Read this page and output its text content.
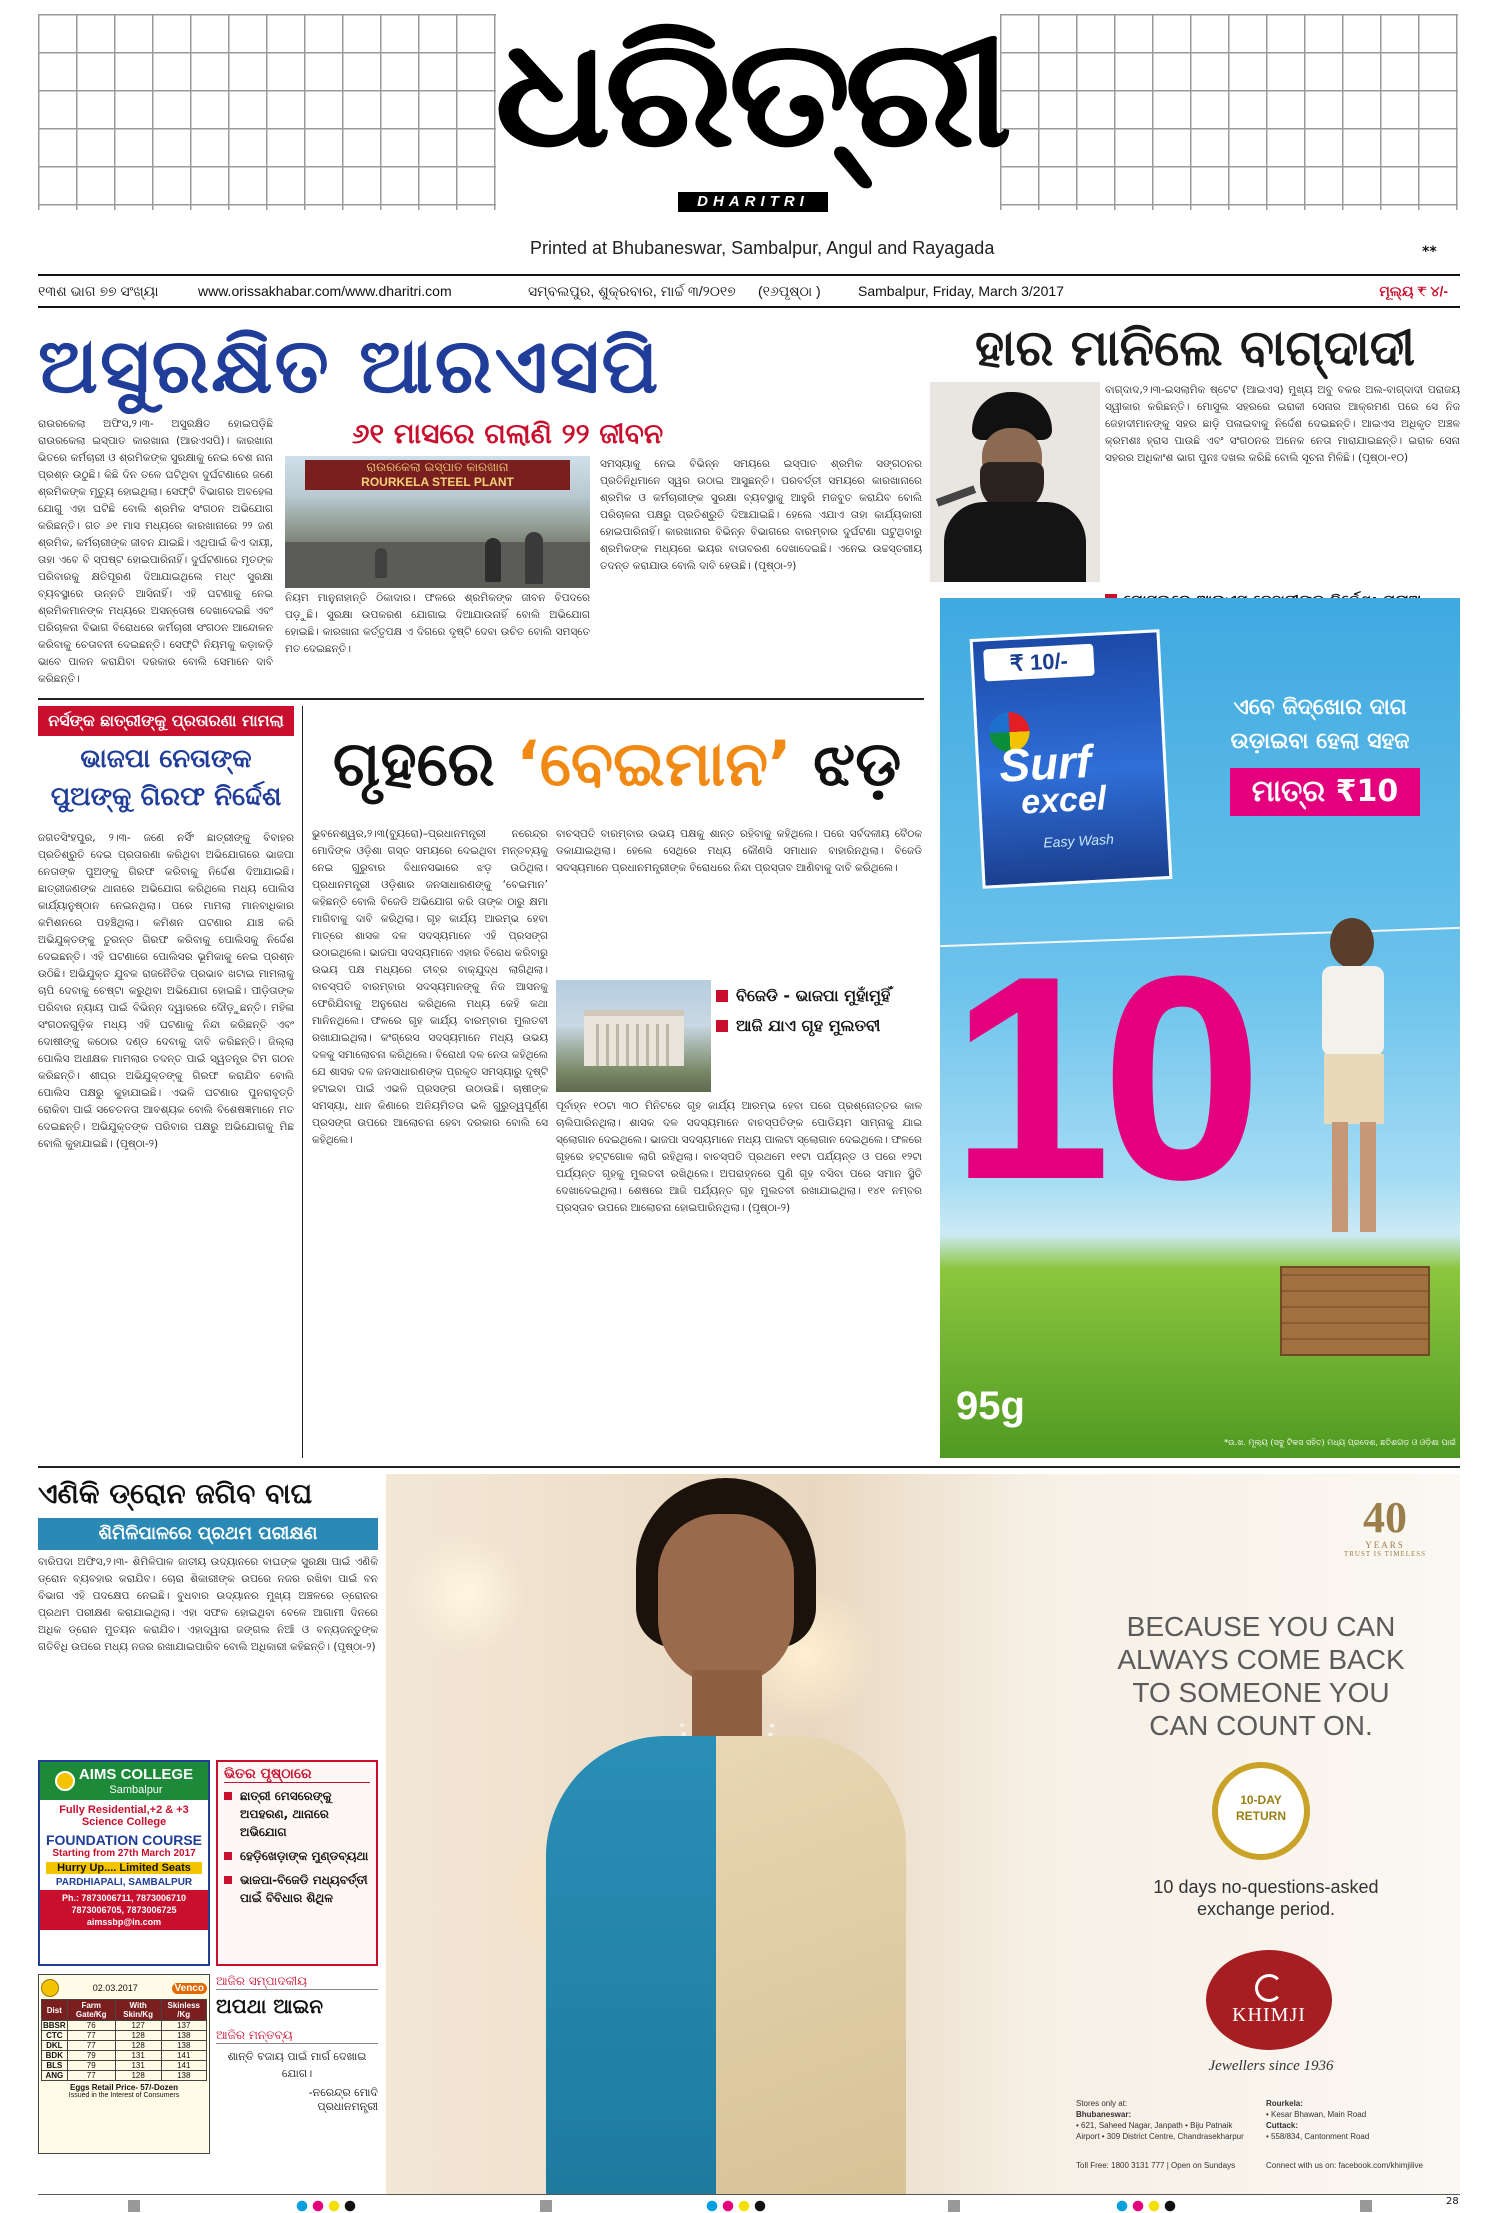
ଧରିତ୍ରୀ
DHARITRI
Printed at Bhubaneswar, Sambalpur, Angul and Rayagada	**
୧୩ଶ ଭାଗ ୭୭ ସଂଖ୍ୟା	www.orissakhabar.com/www.dharitri.com	ସମ୍ବଲପୁର, ଶୁକ୍ରବାର, ମାର୍ଚ୍ଚ ୩/୨୦୧୭	(୧୬ପୃଷ୍ଠା )	Sambalpur, Friday, March 3/2017	ମୂଲ୍ୟ ₹ ୪/-
ଅସୁରକ୍ଷିତ ଆରଏସପି
ରାଉରକେଲା ଅଫିସ,୨।୩- ଅସୁରକ୍ଷିତ ହୋଇପଡ଼ିଛି ରାଉରକେଲା ଇସ୍ପାତ କାରଖାନା (ଆରଏସପି)। କାରଖାନା ଭିତରେ କର୍ମଚାରୀ ଓ ଶ୍ରମିକଙ୍କ ସୁରକ୍ଷାକୁ ନେଇ ବେଶ ନାନା ପ୍ରଶ୍ନ ଉଠୁଛି। କିଛି ଦିନ ତଳେ ଘଟିଥିବା ଦୁର୍ଘଟଣାରେ ଜଣେ ଶ୍ରମିକଙ୍କ ମୃତ୍ୟୁ ହୋଇଥିଲା। ସେଫ୍‌ଟି ବିଭାଗର ଅବହେଳା ଯୋଗୁ ଏହା ଘଟିଛି ବୋଲି ଶ୍ରମିକ ସଂଗଠନ ଅଭିଯୋଗ କରିଛନ୍ତି। ଗତ ୬୧ ମାସ ମଧ୍ୟରେ କାରଖାନାରେ ୨୨ ଜଣ ଶ୍ରମିକ, କର୍ମଚାରୀଙ୍କ ଜୀବନ ଯାଇଛି। ଏଥିପାଇଁ କିଏ ଦାୟୀ, ତାହା ଏବେ ବି ସ୍ପଷ୍ଟ ହୋଇପାରିନାହିଁ। ଦୁର୍ଘଟଣାରେ ମୃତଙ୍କ ପରିବାରକୁ କ୍ଷତିପୂରଣ ଦିଆଯାଇଥିଲେ ମଧ୍୯ ସୁରକ୍ଷା ବ୍ୟବସ୍ଥାରେ ଉନ୍ନତି ଆସିନାହିଁ। ଏହି ଘଟଣାକୁ ନେଇ ଶ୍ରମିକମାନଙ୍କ ମଧ୍ୟରେ ଅସନ୍ତୋଷ ଦେଖାଦେଇଛି ଏବଂ ପରିଚାଳନା ବିଭାଗ ବିରୋଧରେ କର୍ମଚାରୀ ସଂଗଠନ ଆନ୍ଦୋଳନ କରିବାକୁ ଚେତାବନୀ ଦେଇଛନ୍ତି। ସେଫ୍‌ଟି ନିୟମକୁ କଡ଼ାକଡ଼ି ଭାବେ ପାଳନ କରାଯିବା ଦରକାର ବୋଲି ସେମାନେ ଦାବି କରିଛନ୍ତି।
୬୧ ମାସରେ ଗଲାଣି ୨୨ ଜୀବନ
ରାଉରକେଲା ଇସ୍ପାତ କାରଖାନା
ROURKELA STEEL PLANT
ନିୟମ ମାନୁନାହାନ୍ତି ଠିକାଦାର। ଫଳରେ ଶ୍ରମିକଙ୍କ ଜୀବନ ବିପଦରେ ପଡ଼ୁଛି। ସୁରକ୍ଷା ଉପକରଣ ଯୋଗାଇ ଦିଆଯାଉନାହିଁ ବୋଲି ଅଭିଯୋଗ ହୋଇଛି। କାରଖାନା କର୍ତ୍ତୃପକ୍ଷ ଏ ଦିଗରେ ଦୃଷ୍ଟି ଦେବା ଉଚିତ ବୋଲି ସମସ୍ତେ ମତ ଦେଇଛନ୍ତି।
ସମସ୍ୟାକୁ ନେଇ ବିଭିନ୍ନ ସମୟରେ ଇସ୍ପାତ ଶ୍ରମିକ ସଙ୍ଗଠନର ପ୍ରତିନିଧିମାନେ ସ୍ୱର ଉଠାଇ ଆସୁଛନ୍ତି। ପରବର୍ତ୍ତୀ ସମୟରେ କାରଖାନାରେ ଶ୍ରମିକ ଓ କର୍ମଚାରୀଙ୍କ ସୁରକ୍ଷା ବ୍ୟବସ୍ଥାକୁ ଆହୁରି ମଜବୁତ କରାଯିବ ବୋଲି ପରିଚାଳନା ପକ୍ଷରୁ ପ୍ରତିଶ୍ରୁତି ଦିଆଯାଇଛି। ହେଲେ ଏଯାଏ ତାହା କାର୍ଯ୍ୟକାରୀ ହୋଇପାରିନାହିଁ। କାରଖାନାର ବିଭିନ୍ନ ବିଭାଗରେ ବାରମ୍ବାର ଦୁର୍ଘଟଣା ଘଟୁଥିବାରୁ ଶ୍ରମିକଙ୍କ ମଧ୍ୟରେ ଭୟର ବାତାବରଣ ଦେଖାଦେଇଛି। ଏନେଇ ଉଚ୍ଚସ୍ତରୀୟ ତଦନ୍ତ କରାଯାଉ ବୋଲି ଦାବି ହେଉଛି। (ପୃଷ୍ଠା-୨)
ହାର ମାନିଲେ ବାଗ୍‌ଦାଦୀ
ବାଗ୍‌ଦାଦ,୨।୩-ଇସଲାମିକ ଷ୍ଟେଟ (ଆଇଏସ) ମୁଖ୍ୟ ଅବୁ ବକର ଅଲ-ବାଗ୍‌ଦାଦୀ ପରାଜୟ ସ୍ୱୀକାର କରିଛନ୍ତି। ମୋସୁଲ ସହରରେ ଇରାକୀ ସେନାର ଆକ୍ରମଣ ପରେ ସେ ନିଜ ଜେହାଦୀମାନଙ୍କୁ ସହର ଛାଡ଼ି ପଳାଇବାକୁ ନିର୍ଦ୍ଦେଶ ଦେଇଛନ୍ତି। ଆଇଏସ ଅଧିକୃତ ଅଞ୍ଚଳ କ୍ରମଶଃ ହ୍ରାସ ପାଉଛି ଏବଂ ସଂଗଠନର ଅନେକ ନେତା ମାରାଯାଇଛନ୍ତି। ଇରାକ ସେନା ସହରର ଅଧିକାଂଶ ଭାଗ ପୁନଃ ଦଖଲ କରିଛି ବୋଲି ସୂଚନା ମିଳିଛି। (ପୃଷ୍ଠା-୧୦)
ନର୍ସଙ୍କ ଛାତ୍ରୀଙ୍କୁ ପ୍ରତାରଣା ମାମଲା
ଭାଜପା ନେତାଙ୍କ ପୁଅଙ୍କୁ ଗିରଫ ନିର୍ଦ୍ଦେଶ
ଜଗତସିଂହପୁର, ୨।୩- ଜଣେ ନର୍ସିଂ ଛାତ୍ରୀଙ୍କୁ ବିବାହର ପ୍ରତିଶ୍ରୁତି ଦେଇ ପ୍ରତାରଣା କରିଥିବା ଅଭିଯୋଗରେ ଭାଜପା ନେତାଙ୍କ ପୁଅଙ୍କୁ ଗିରଫ କରିବାକୁ ନିର୍ଦ୍ଦେଶ ଦିଆଯାଇଛି। ଛାତ୍ରୀଜଣଙ୍କ ଥାନାରେ ଅଭିଯୋଗ କରିଥିଲେ ମଧ୍ୟ ପୋଲିସ କାର୍ଯ୍ୟାନୁଷ୍ଠାନ ନେଇନଥିଲା। ପରେ ମାମଲା ମାନବାଧିକାର କମିଶନରେ ପହଞ୍ଚିଥିଲା। କମିଶନ ଘଟଣାର ଯାଞ୍ଚ କରି ଅଭିଯୁକ୍ତଙ୍କୁ ତୁରନ୍ତ ଗିରଫ କରିବାକୁ ପୋଲିସକୁ ନିର୍ଦ୍ଦେଶ ଦେଇଛନ୍ତି। ଏହି ଘଟଣାରେ ପୋଲିସର ଭୂମିକାକୁ ନେଇ ପ୍ରଶ୍ନ ଉଠିଛି। ଅଭିଯୁକ୍ତ ଯୁବକ ରାଜନୈତିକ ପ୍ରଭାବ ଖଟାଇ ମାମଲାକୁ ଚାପି ଦେବାକୁ ଚେଷ୍ଟା କରୁଥିବା ଅଭିଯୋଗ ହୋଇଛି। ପୀଡ଼ିତାଙ୍କ ପରିବାର ନ୍ୟାୟ ପାଇଁ ବିଭିନ୍ନ ଦ୍ୱାରରେ ଦୌଡ଼ୁଛନ୍ତି। ମହିଳା ସଂଗଠନଗୁଡ଼ିକ ମଧ୍ୟ ଏହି ଘଟଣାକୁ ନିନ୍ଦା କରିଛନ୍ତି ଏବଂ ଦୋଷୀଙ୍କୁ କଠୋର ଦଣ୍ଡ ଦେବାକୁ ଦାବି କରିଛନ୍ତି। ଜିଲ୍ଲା ପୋଲିସ ଅଧୀକ୍ଷକ ମାମଲାର ତଦନ୍ତ ପାଇଁ ସ୍ୱତନ୍ତ୍ର ଟିମ ଗଠନ କରିଛନ୍ତି। ଶୀଘ୍ର ଅଭିଯୁକ୍ତଙ୍କୁ ଗିରଫ କରାଯିବ ବୋଲି ପୋଲିସ ପକ୍ଷରୁ କୁହାଯାଇଛି। ଏଭଳି ଘଟଣାର ପୁନରାବୃତ୍ତି ରୋକିବା ପାଇଁ ସଚେତନତା ଆବଶ୍ୟକ ବୋଲି ବିଶେଷଜ୍ଞମାନେ ମତ ଦେଇଛନ୍ତି। ଅଭିଯୁକ୍ତଙ୍କ ପରିବାର ପକ୍ଷରୁ ଅଭିଯୋଗକୁ ମିଛ ବୋଲି କୁହାଯାଇଛି। (ପୃଷ୍ଠା-୨)
ଗୃହରେ ‘ବେଇମାନ’ ଝଡ଼
ଭୁବନେଶ୍ୱର,୨।୩(ବ୍ୟୁରୋ)–ପ୍ରଧାନମନ୍ତ୍ରୀ ନରେନ୍ଦ୍ର ମୋଦିଙ୍କ ଓଡ଼ିଶା ଗସ୍ତ ସମୟରେ ଦେଇଥିବା ମନ୍ତବ୍ୟକୁ ନେଇ ଗୁରୁବାର ବିଧାନସଭାରେ ଝଡ଼ ଉଠିଥିଲା। ପ୍ରଧାନମନ୍ତ୍ରୀ ଓଡ଼ିଶାର ଜନସାଧାରଣଙ୍କୁ ‘ବେଇମାନ’ କହିଛନ୍ତି ବୋଲି ବିଜେଡି ଅଭିଯୋଗ କରି ତାଙ୍କ ଠାରୁ କ୍ଷମା ମାଗିବାକୁ ଦାବି କରିଥିଲା। ଗୃହ କାର୍ଯ୍ୟ ଆରମ୍ଭ ହେବା ମାତ୍ରେ ଶାସକ ଦଳ ସଦସ୍ୟମାନେ ଏହି ପ୍ରସଙ୍ଗ ଉଠାଇଥିଲେ। ଭାଜପା ସଦସ୍ୟମାନେ ଏହାର ବିରୋଧ କରିବାରୁ ଉଭୟ ପକ୍ଷ ମଧ୍ୟରେ ତୀବ୍ର ବାକ୍‌ଯୁଦ୍ଧ ଲାଗିଥିଲା। ବାଚସ୍ପତି ବାରମ୍ବାର ସଦସ୍ୟମାନଙ୍କୁ ନିଜ ଆସନକୁ ଫେରିଯିବାକୁ ଅନୁରୋଧ କରିଥିଲେ ମଧ୍ୟ କେହି କଥା ମାନିନଥିଲେ। ଫଳରେ ଗୃହ କାର୍ଯ୍ୟ ବାରମ୍ବାର ମୁଲତବୀ ରଖାଯାଇଥିଲା। କଂଗ୍ରେସ ସଦସ୍ୟମାନେ ମଧ୍ୟ ଉଭୟ ଦଳକୁ ସମାଲୋଚନା କରିଥିଲେ। ବିରୋଧୀ ଦଳ ନେତା କହିଥିଲେ ଯେ ଶାସକ ଦଳ ଜନସାଧାରଣଙ୍କ ପ୍ରକୃତ ସମସ୍ୟାରୁ ଦୃଷ୍ଟି ହଟାଇବା ପାଇଁ ଏଭଳି ପ୍ରସଙ୍ଗ ଉଠାଉଛି। ଚାଷୀଙ୍କ ସମସ୍ୟା, ଧାନ କିଣାରେ ଅନିୟମିତତା ଭଳି ଗୁରୁତ୍ୱପୂର୍ଣ୍ଣ ପ୍ରସଙ୍ଗ ଉପରେ ଆଲୋଚନା ହେବା ଦରକାର ବୋଲି ସେ କହିଥିଲେ।
ବାଚସ୍ପତି ବାରମ୍ବାର ଉଭୟ ପକ୍ଷକୁ ଶାନ୍ତ ରହିବାକୁ କହିଥିଲେ। ପରେ ସର୍ବଦଳୀୟ ବୈଠକ ଡକାଯାଇଥିଲା। ହେଲେ ସେଥିରେ ମଧ୍ୟ କୌଣସି ସମାଧାନ ବାହାରିନଥିଲା। ବିଜେଡି ସଦସ୍ୟମାନେ ପ୍ରଧାନମନ୍ତ୍ରୀଙ୍କ ବିରୋଧରେ ନିନ୍ଦା ପ୍ରସ୍ତାବ ଆଣିବାକୁ ଦାବି କରିଥିଲେ।
ବିଜେଡି - ଭାଜପା ମୁହାଁମୁହିଁ
ଆଜି ଯାଏ ଗୃହ ମୁଲତବୀ
ପୂର୍ବାହ୍ନ ୧୦ଟା ୩୦ ମିନିଟରେ ଗୃହ କାର୍ଯ୍ୟ ଆରମ୍ଭ ହେବା ପରେ ପ୍ରଶ୍ନୋତ୍ତର କାଳ ଚାଲିପାରିନଥିଲା। ଶାସକ ଦଳ ସଦସ୍ୟମାନେ ବାଚସ୍ପତିଙ୍କ ପୋଡିୟମ ସାମ୍ନାକୁ ଯାଇ ସ୍ଲୋଗାନ ଦେଇଥିଲେ। ଭାଜପା ସଦସ୍ୟମାନେ ମଧ୍ୟ ପାଲଟା ସ୍ଲୋଗାନ ଦେଇଥିଲେ। ଫଳରେ ଗୃହରେ ହଟ୍ଟଗୋଳ ଲାଗି ରହିଥିଲା। ବାଚସ୍ପତି ପ୍ରଥମେ ୧୧ଟା ପର୍ଯ୍ୟନ୍ତ ଓ ପରେ ୧୨ଟା ପର୍ଯ୍ୟନ୍ତ ଗୃହକୁ ମୁଲତବୀ ରଖିଥିଲେ। ଅପରାହ୍ନରେ ପୁଣି ଗୃହ ବସିବା ପରେ ସମାନ ସ୍ଥିତି ଦେଖାଦେଇଥିଲା। ଶେଷରେ ଆଜି ପର୍ଯ୍ୟନ୍ତ ଗୃହ ମୁଲତବୀ ରଖାଯାଇଥିଲା। ୧୪୧ ନମ୍ବର ପ୍ରସ୍ତାବ ଉପରେ ଆଲୋଚନା ହୋଇପାରିନଥିଲା। (ପୃଷ୍ଠା-୨)
₹ 10/-
Surf
excel
Easy Wash
ଏବେ ଜିଦ୍‌ଖୋର ଦାଗ
ଉଡ଼ାଇବା ହେଲା ସହଜ
ମାତ୍ର ₹10
10
95g
*ଉ.ଖ. ମୂଲ୍ୟ (ସବୁ ଟିକସ ସହିତ) ମଧ୍ୟ ପ୍ରଦେଶ, ଛତିଶଗଡ଼ ଓ ଓଡ଼ିଶା ପାଇଁ
ଏଣିକି ଡ୍ରୋନ ଜଗିବ ବାଘ
ଶିମିଳିପାଳରେ ପ୍ରଥମ ପରୀକ୍ଷଣ
ବାରିପଦା ଅଫିସ,୨।୩- ଶିମିଳିପାଳ ଜାତୀୟ ଉଦ୍ୟାନରେ ବାଘଙ୍କ ସୁରକ୍ଷା ପାଇଁ ଏଣିକି ଡ୍ରୋନ ବ୍ୟବହାର କରାଯିବ। ଚୋରା ଶିକାରୀଙ୍କ ଉପରେ ନଜର ରଖିବା ପାଇଁ ବନ ବିଭାଗ ଏହି ପଦକ୍ଷେପ ନେଇଛି। ବୁଧବାର ଉଦ୍ୟାନର ମୁଖ୍ୟ ଅଞ୍ଚଳରେ ଡ୍ରୋନର ପ୍ରଥମ ପରୀକ୍ଷଣ କରାଯାଇଥିଲା। ଏହା ସଫଳ ହୋଇଥିବା ବେଳେ ଆଗାମୀ ଦିନରେ ଅଧିକ ଡ୍ରୋନ ମୁତୟନ କରାଯିବ। ଏହାଦ୍ୱାରା ଜଙ୍ଗଲ ନିଆଁ ଓ ବନ୍ୟଜନ୍ତୁଙ୍କ ଗତିବିଧି ଉପରେ ମଧ୍ୟ ନଜର ରଖାଯାଇପାରିବ ବୋଲି ଅଧିକାରୀ କହିଛନ୍ତି। (ପୃଷ୍ଠା-୨)
AIMS COLLEGE
Sambalpur
Fully Residential,+2 & +3
Science College
FOUNDATION COURSE
Starting from 27th March 2017
Hurry Up.... Limited Seats
PARDHIAPALI, SAMBALPUR
Ph.: 7873006711, 7873006710
7873006705, 7873006725
aimssbp@in.com
ଭିତର ପୃଷ୍ଠାରେ
ଛାତ୍ରୀ ମେସରେଙ୍କୁ ଅପହରଣ, ଥାନାରେ ଅଭିଯୋଗ
ହେଡ଼ିଖେଡ଼ାଙ୍କ ମୁଣ୍ଡବ୍ୟଥା
ଭାଜପା-ବିଜେଡି ମଧ୍ୟବର୍ତ୍ତୀ ପାଇଁ ବିବିଧାର ଶିଥିଳ
02.03.2017	Venco
Dist	Farm Gate/Kg	With Skin/Kg	Skinless /Kg
BBSR	76	127	137
CTC	77	128	138
DKL	77	128	138
BDK	79	131	141
BLS	79	131	141
ANG	77	128	138
Eggs Retail Price- 57/-Dozen
Issued in the Interest of Consumers
ଆଜିର ସମ୍ପାଦକୀୟ
ଅପଥା ଆଇନ
ଆଜିର ମନ୍ତବ୍ୟ
ଶାନ୍ତି ବଜାୟ ପାଇଁ ମାର୍ଗ ଦେଖାଇ ଯୋଗ।
-ନରେନ୍ଦ୍ର ମୋଦି
ପ୍ରଧାନମନ୍ତ୍ରୀ
40
YEARS
TRUST IS TIMELESS
BECAUSE YOU CAN ALWAYS COME BACK TO SOMEONE YOU CAN COUNT ON.
10-DAY
RETURN
10 days no-questions-asked exchange period.
KHIMJI
Jewellers since 1936
Stores only at:
Bhubaneswar:
• 621, Saheed Nagar, Janpath • Biju Patnaik Airport • 309 District Centre, Chandrasekharpur
Rourkela:
• Kesar Bhawan, Main Road
Cuttack:
• 558/834, Cantonment Road
Toll Free: 1800 3131 777 | Open on Sundays	Connect with us on: facebook.com/khimjilive
28
